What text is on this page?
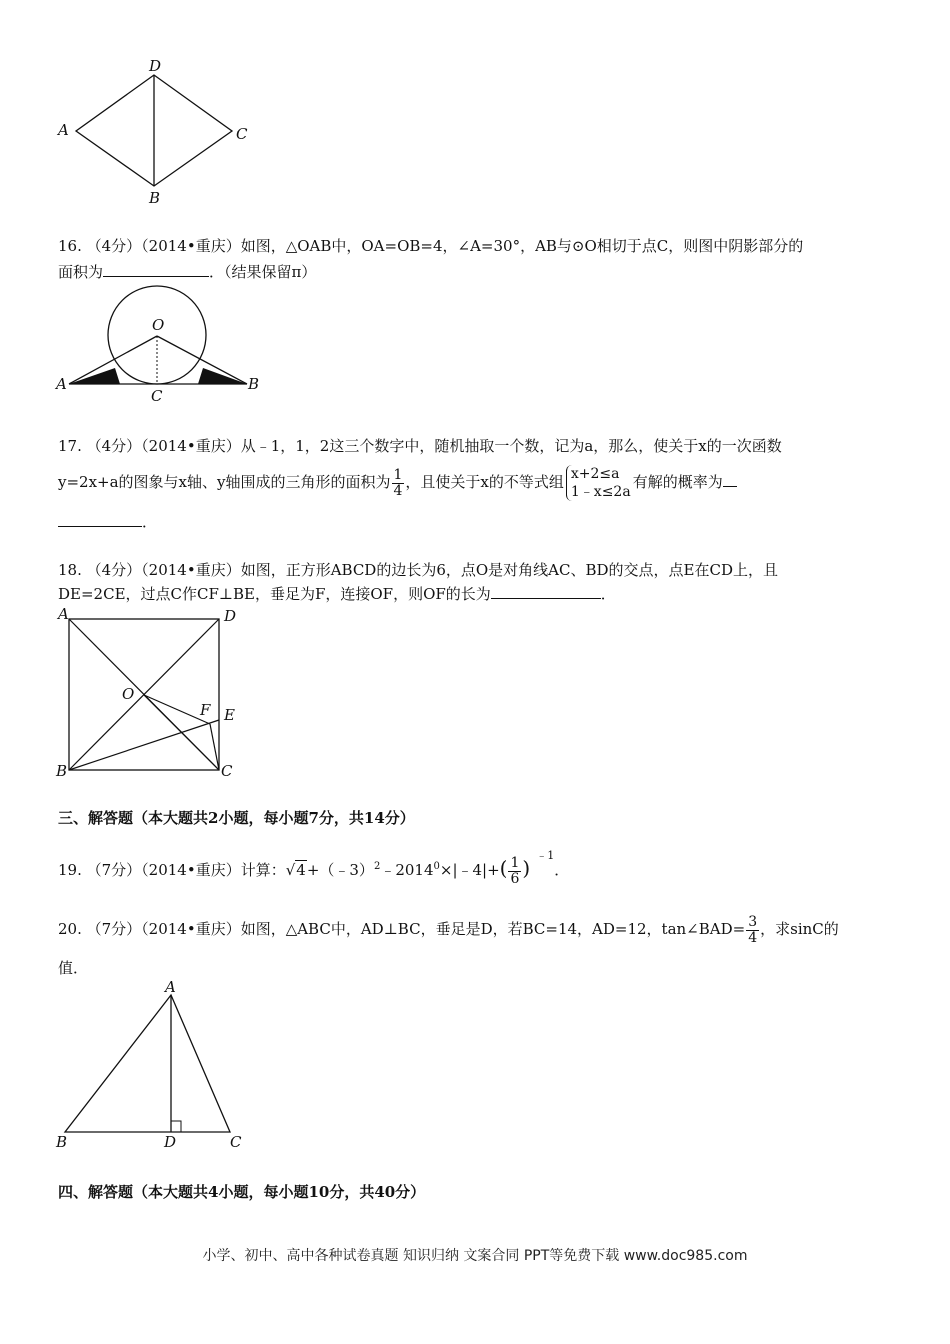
D
A	C
B
16. （4分）（2014•重庆）如图，△OAB中，OA=OB=4，∠A=30°，AB与⊙O相切于点C，则图中阴影部分的
面积为	．（结果保留π）
O
A
C
B
17. （4分）（2014•重庆）从﹣1，1，2这三个数字中，随机抽取一个数，记为a，那么，使关于x的一次函数
y=2x+a的图象与x轴、y轴围成的三角形的面积为 $\frac{1}{4}$ ，且使关于x的不等式组 x+2≤a
1﹣x≤2a
有解的概率为
．
18. （4分）（2014•重庆）如图，正方形ABCD的边长为6，点O是对角线AC、BD的交点，点E在CD上，且
DE=2CE，过点C作CF⊥BE，垂足为F，连接OF，则OF的长为	．
A	D
O
F E
B	C
三、解答题（本大题共2小题，每小题7分，共14分）
19. （7分）（2014•重庆）计算：$√4+(﹣3)^2﹣2014^0\times|﹣4|+( \frac{1}{6} )^{﹣1}$．
20. （7分）（2014•重庆）如图，△ABC中，AD⊥BC，垂足是D，若BC=14，AD=12，tan∠BAD= $\frac{3}{4}$ ，求sinC的
值．
A
B	D	C
四、解答题（本大题共4小题，每小题10分，共40分）
小学、初中、高中各种试卷真题 知识归纳 文案合同 PPT等免费下载 www.doc985.com
